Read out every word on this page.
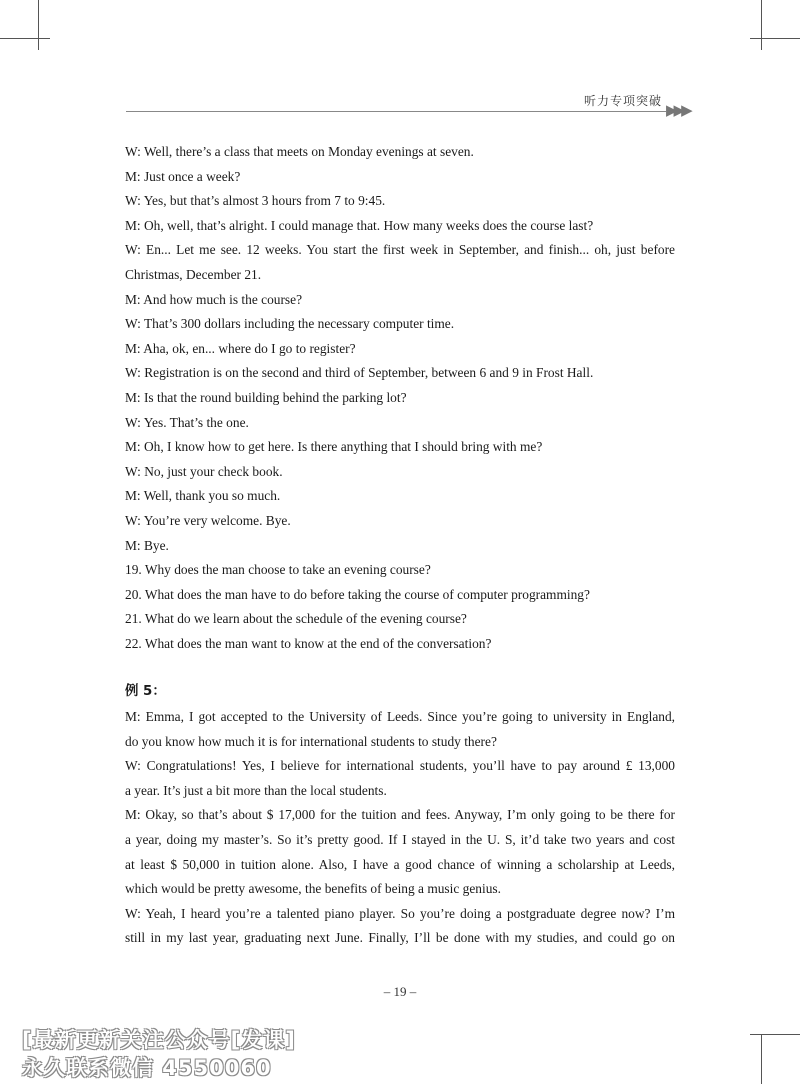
听力专项突破 ▶▶▶
W: Well, there’s a class that meets on Monday evenings at seven.
M: Just once a week?
W: Yes, but that’s almost 3 hours from 7 to 9:45.
M: Oh, well, that’s alright. I could manage that. How many weeks does the course last?
W: En... Let me see. 12 weeks. You start the first week in September, and finish... oh, just before
Christmas, December 21.
M: And how much is the course?
W: That’s 300 dollars including the necessary computer time.
M: Aha, ok, en... where do I go to register?
W: Registration is on the second and third of September, between 6 and 9 in Frost Hall.
M: Is that the round building behind the parking lot?
W: Yes. That’s the one.
M: Oh, I know how to get here. Is there anything that I should bring with me?
W: No, just your check book.
M: Well, thank you so much.
W: You’re very welcome. Bye.
M: Bye.
19. Why does the man choose to take an evening course?
20. What does the man have to do before taking the course of computer programming?
21. What do we learn about the schedule of the evening course?
22. What does the man want to know at the end of the conversation?
例 5：
M: Emma, I got accepted to the University of Leeds. Since you’re going to university in England,
do you know how much it is for international students to study there?
W: Congratulations! Yes, I believe for international students, you’ll have to pay around £ 13,000
a year. It’s just a bit more than the local students.
M: Okay, so that’s about $ 17,000 for the tuition and fees. Anyway, I’m only going to be there for
a year, doing my master’s. So it’s pretty good. If I stayed in the U. S, it’d take two years and cost
at least $ 50,000 in tuition alone. Also, I have a good chance of winning a scholarship at Leeds,
which would be pretty awesome, the benefits of being a music genius.
W: Yeah, I heard you’re a talented piano player. So you’re doing a postgraduate degree now? I’m
still in my last year, graduating next June. Finally, I’ll be done with my studies, and could go on
– 19 –
[最新更新关注公众号[发课]
永久联系微信 4550060
